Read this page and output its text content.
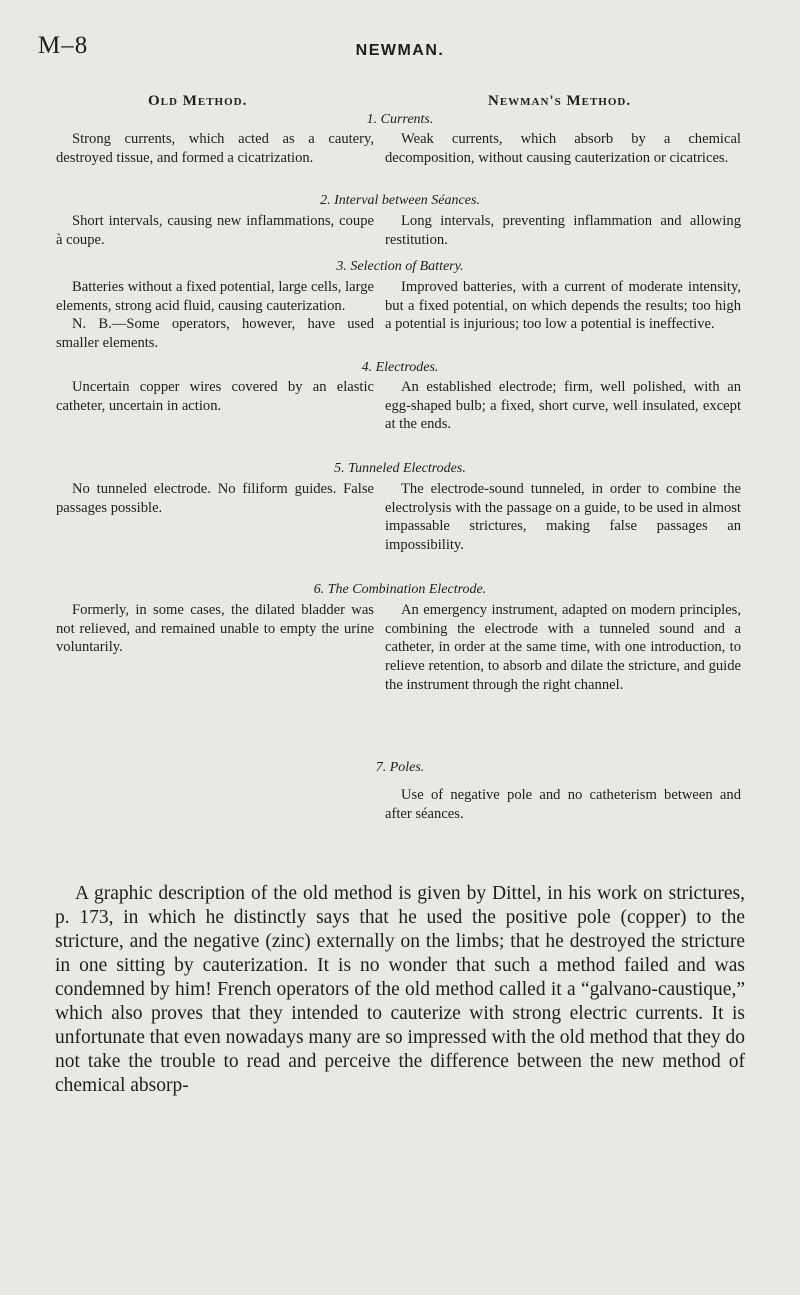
M–8	NEWMAN.
Old Method.	Newman's Method.
1. Currents.
Strong currents, which acted as a cautery, destroyed tissue, and formed a cicatrization.
Weak currents, which absorb by a chemical decomposition, without causing cauterization or cicatrices.
2. Interval between Séances.
Short intervals, causing new inflammations, coupe à coupe.
Long intervals, preventing inflammation and allowing restitution.
3. Selection of Battery.

Batteries without a fixed potential, large cells, large elements, strong acid fluid, causing cauterization.

N. B.—Some operators, however, have used smaller elements.

Improved batteries, with a current of moderate intensity, but a fixed potential, on which depends the results; too high a potential is injurious; too low a potential is ineffective.
4. Electrodes.
Uncertain copper wires covered by an elastic catheter, uncertain in action.
An established electrode; firm, well polished, with an egg-shaped bulb; a fixed, short curve, well insulated, except at the ends.
5. Tunneled Electrodes.
No tunneled electrode. No filiform guides. False passages possible.
The electrode-sound tunneled, in order to combine the electrolysis with the passage on a guide, to be used in almost impassable strictures, making false passages an impossibility.
6. The Combination Electrode.
Formerly, in some cases, the dilated bladder was not relieved, and remained unable to empty the urine voluntarily.
An emergency instrument, adapted on modern principles, combining the electrode with a tunneled sound and a catheter, in order at the same time, with one introduction, to relieve retention, to absorb and dilate the stricture, and guide the instrument through the right channel.
7. Poles.
Use of negative pole and no catheterism between and after séances.

A graphic description of the old method is given by Dittel, in his work on strictures, p. 173, in which he distinctly says that he used the positive pole (copper) to the stricture, and the negative (zinc) externally on the limbs; that he destroyed the stricture in one sitting by cauterization. It is no wonder that such a method failed and was condemned by him! French operators of the old method called it a “galvano-caustique,” which also proves that they intended to cauterize with strong electric currents. It is unfortunate that even nowadays many are so impressed with the old method that they do not take the trouble to read and perceive the difference between the new method of chemical absorp-
